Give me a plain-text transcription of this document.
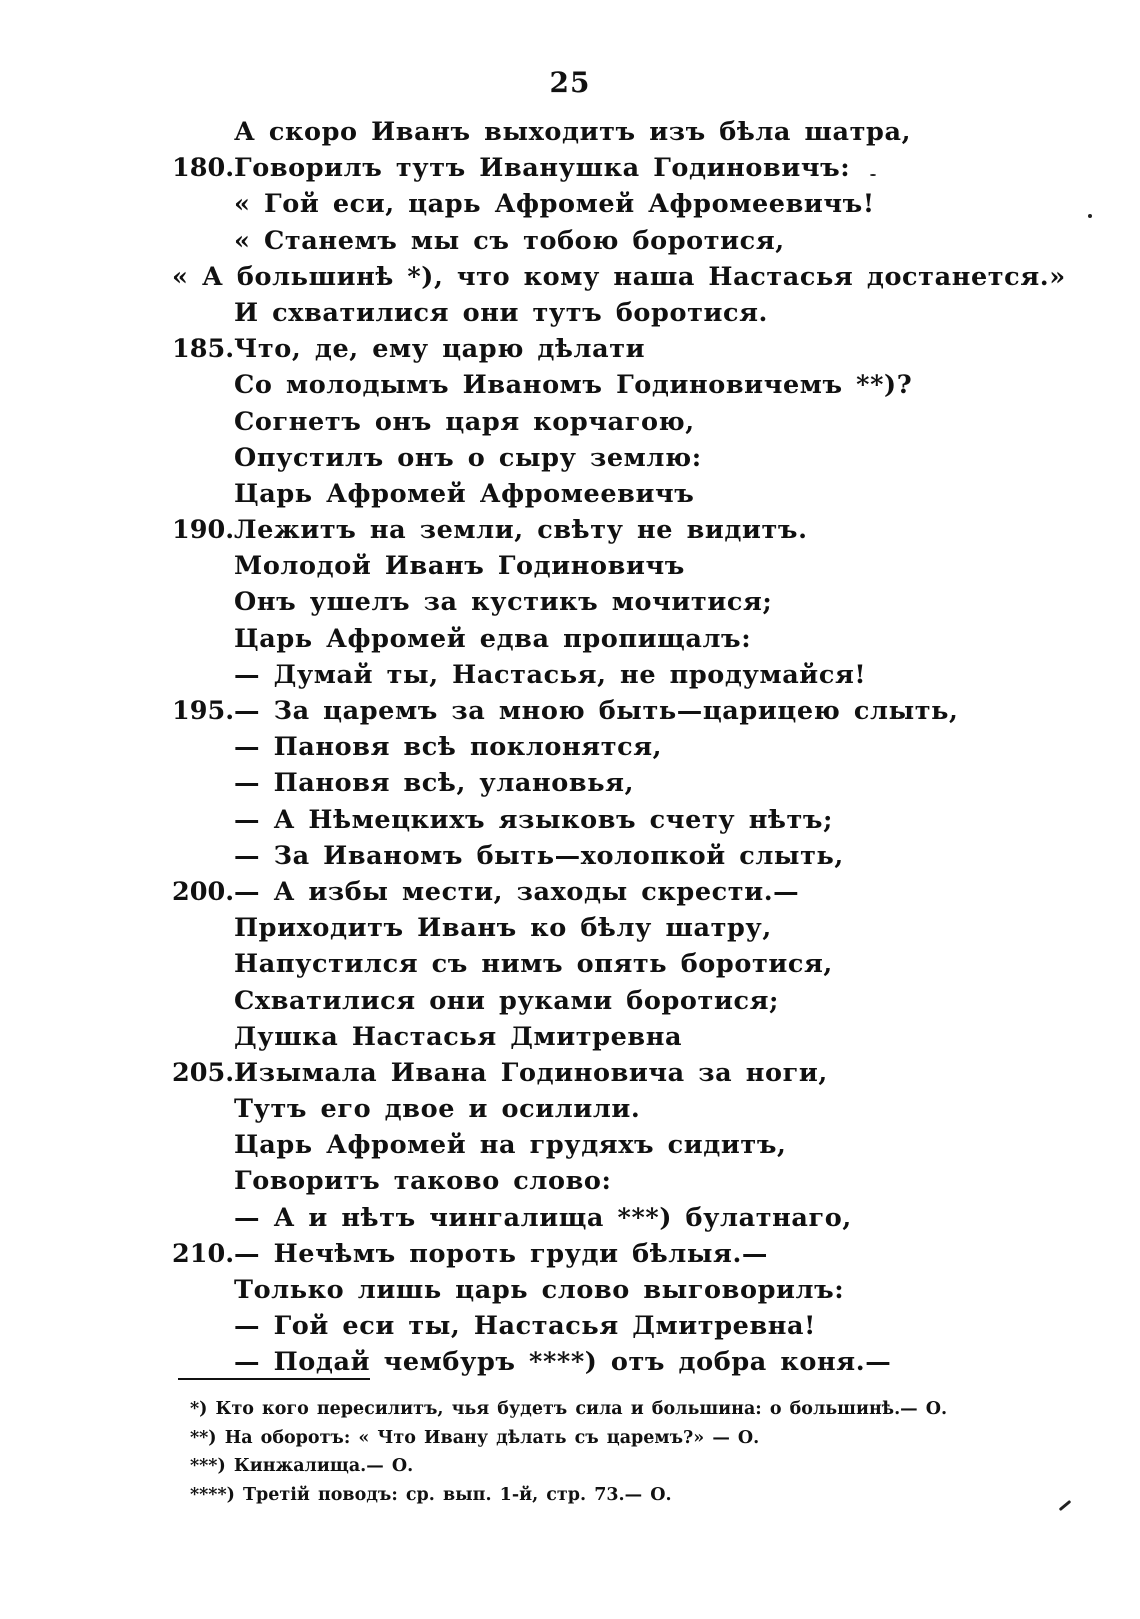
25
А скоро Иванъ выходитъ изъ бѣла шатра,
180. Говорилъ тутъ Иванушка Годиновичъ:
« Гой еси, царь Афромей Афромеевичъ!
« Станемъ мы съ тобою боротися,
« А большинѣ *), что кому наша Настасья достанется.»
И схватилися они тутъ боротися.
185. Что, де, ему царю дѣлати
Со молодымъ Иваномъ Годиновичемъ **)?
Согнетъ онъ царя корчагою,
Опустилъ онъ о сыру землю:
Царь Афромей Афромеевичъ
190. Лежитъ на земли, свѣту не видитъ.
Молодой Иванъ Годиновичъ
Онъ ушелъ за кустикъ мочитися;
Царь Афромей едва пропищалъ:
— Думай ты, Настасья, не продумайся!
195. — За царемъ за мною быть—царицею слыть,
— Пановя всѣ поклонятся,
— Пановя всѣ, улановья,
— А Нѣмецкихъ языковъ счету нѣтъ;
— За Иваномъ быть—холопкой слыть,
200. — А избы мести, заходы скрести.—
Приходитъ Иванъ ко бѣлу шатру,
Напустился съ нимъ опять боротися,
Схватилися они руками боротися;
Душка Настасья Дмитревна
205. Изымала Ивана Годиновича за ноги,
Тутъ его двое и осилили.
Царь Афромей на грудяхъ сидитъ,
Говоритъ таково слово:
— А и нѣтъ чингалища ***) булатнаго,
210. — Нечѣмъ пороть груди бѣлыя.—
Только лишь царь слово выговорилъ:
— Гой еси ты, Настасья Дмитревна!
— Подай чембуръ ****) отъ добра коня.—
*) Кто кого пересилитъ, чья будетъ сила и большина: о большинѣ.— О.
**) На оборотъ: « Что Ивану дѣлать съ царемъ?» — О.
***) Кинжалища.— О.
****) Третій поводъ: ср. вып. 1-й, стр. 73.— О.
